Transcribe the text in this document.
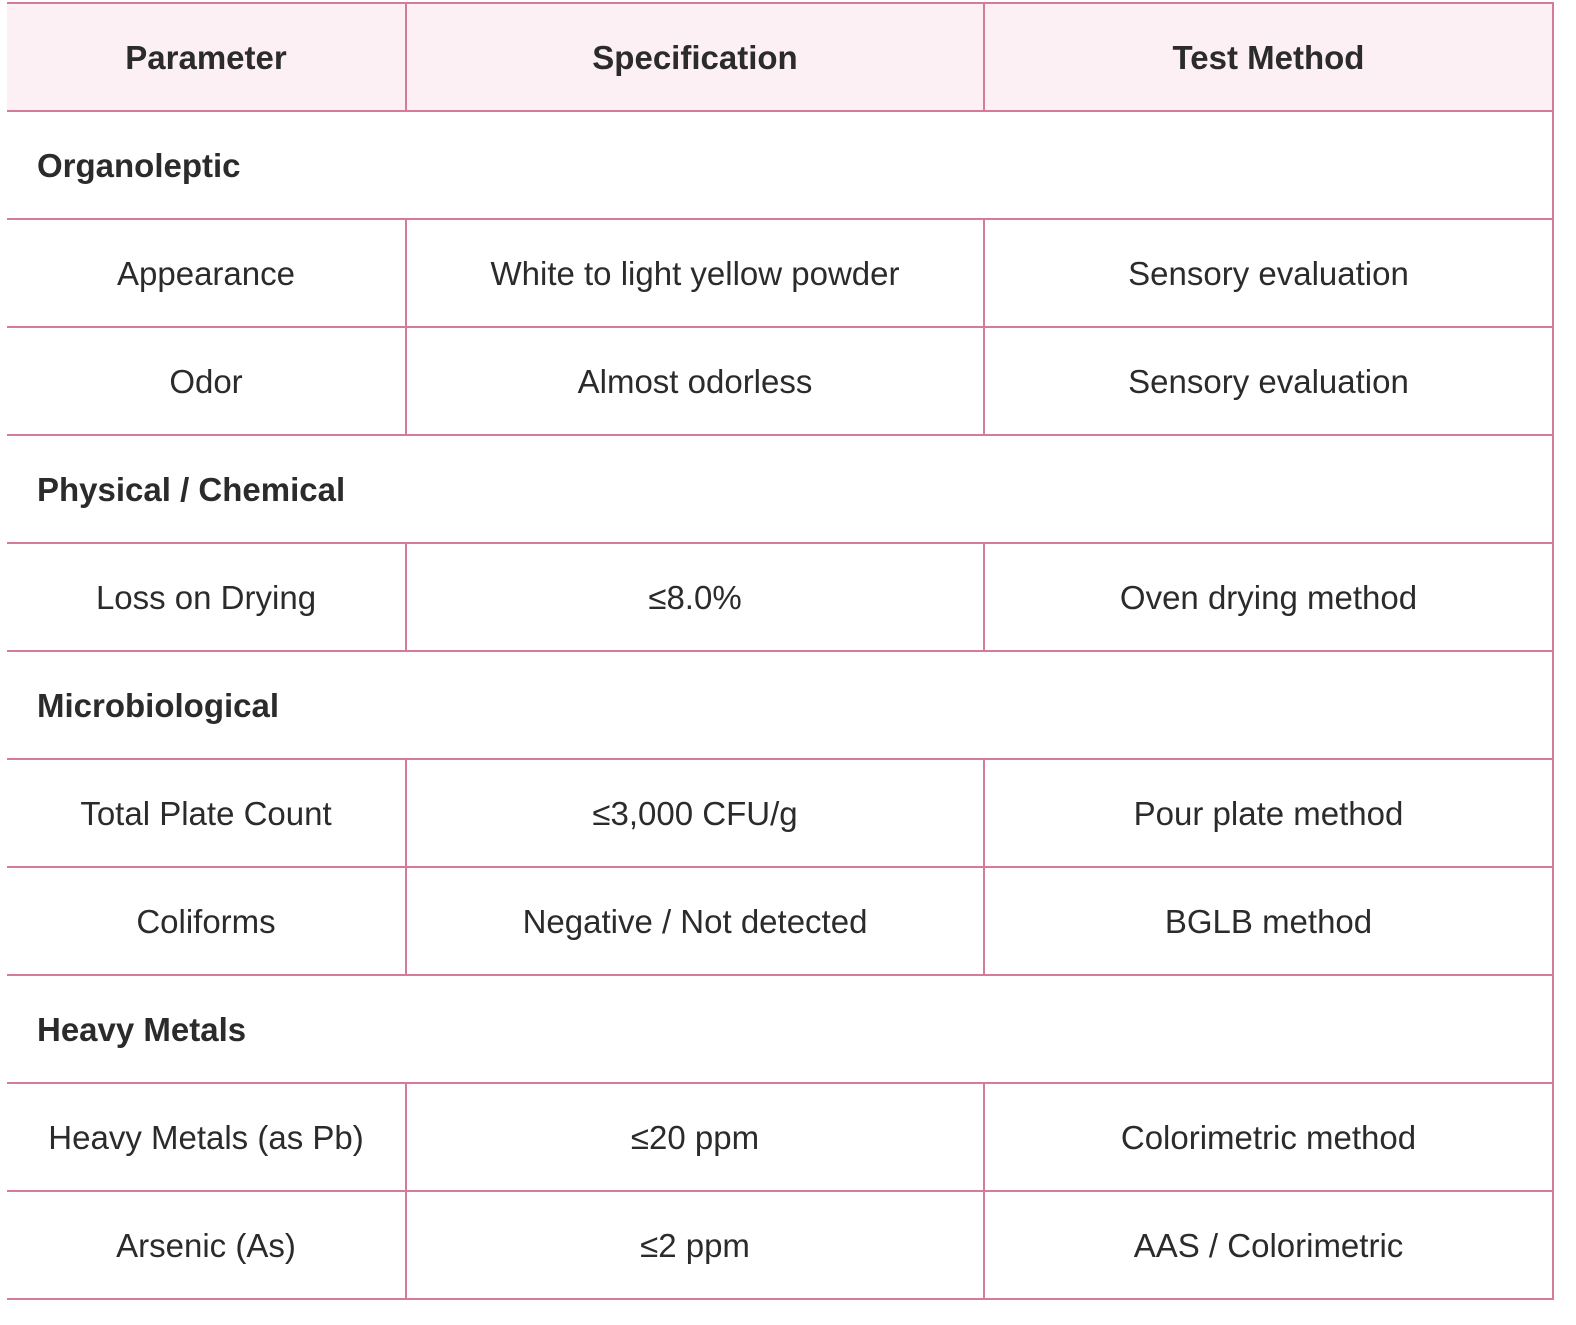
Parameter	Specification	Test Method
Organoleptic		
Appearance	White to light yellow powder	Sensory evaluation
Odor	Almost odorless	Sensory evaluation
Physical / Chemical		
Loss on Drying	≤8.0%	Oven drying method
Microbiological		
Total Plate Count	≤3,000 CFU/g	Pour plate method
Coliforms	Negative / Not detected	BGLB method
Heavy Metals		
Heavy Metals (as Pb)	≤20 ppm	Colorimetric method
Arsenic (As)	≤2 ppm	AAS / Colorimetric
